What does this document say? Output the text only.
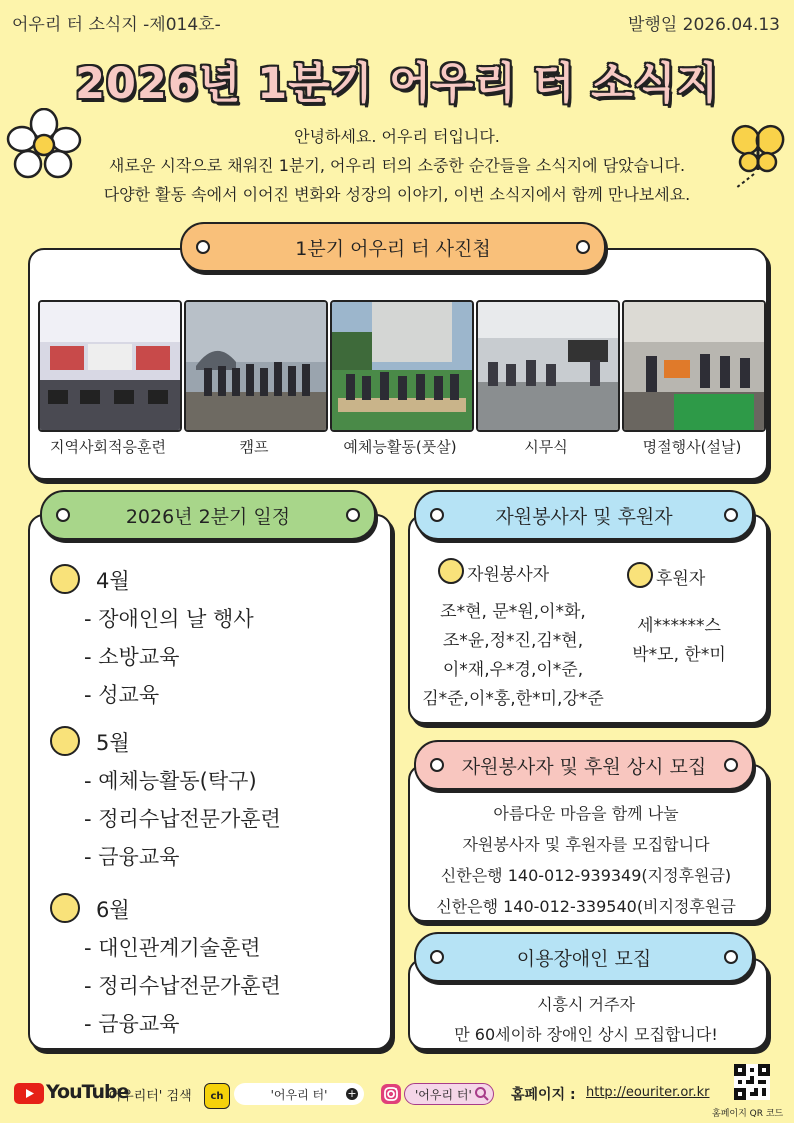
어우리 터 소식지 -제014호-	발행일 2026.04.13
2026년 1분기 어우리 터 소식지
안녕하세요. 어우리 터입니다.
새로운 시작으로 채워진 1분기, 어우리 터의 소중한 순간들을 소식지에 담았습니다.
다양한 활동 속에서 이어진 변화와 성장의 이야기, 이번 소식지에서 함께 만나보세요.
1분기 어우리 터 사진첩
지역사회적응훈련	캠프	예체능활동(풋살)	시무식	명절행사(설날)
2026년 2분기 일정
4월
- 장애인의 날 행사
- 소방교육
- 성교육
5월
- 예체능활동(탁구)
- 정리수납전문가훈련
- 금융교육
6월
- 대인관계기술훈련
- 정리수납전문가훈련
- 금융교육
자원봉사자 및 후원자
자원봉사자	후원자
조*현, 문*원,이*화,
조*윤,정*진,김*현,
이*재,우*경,이*준,
김*준,이*홍,한*미,강*준
세******스
박*모, 한*미
자원봉사자 및 후원 상시 모집
아름다운 마음을 함께 나눌
자원봉사자 및 후원자를 모집합니다
신한은행 140-012-939349(지정후원금)
신한은행 140-012-339540(비지정후원금
이용장애인 모집
시흥시 거주자
만 60세이하 장애인 상시 모집합니다!
YouTube
'어우리터' 검색	ch	'어우리 터' +	'어우리 터'	홈페이지 : http://eouriter.or.kr
홈페이지 QR 코드
